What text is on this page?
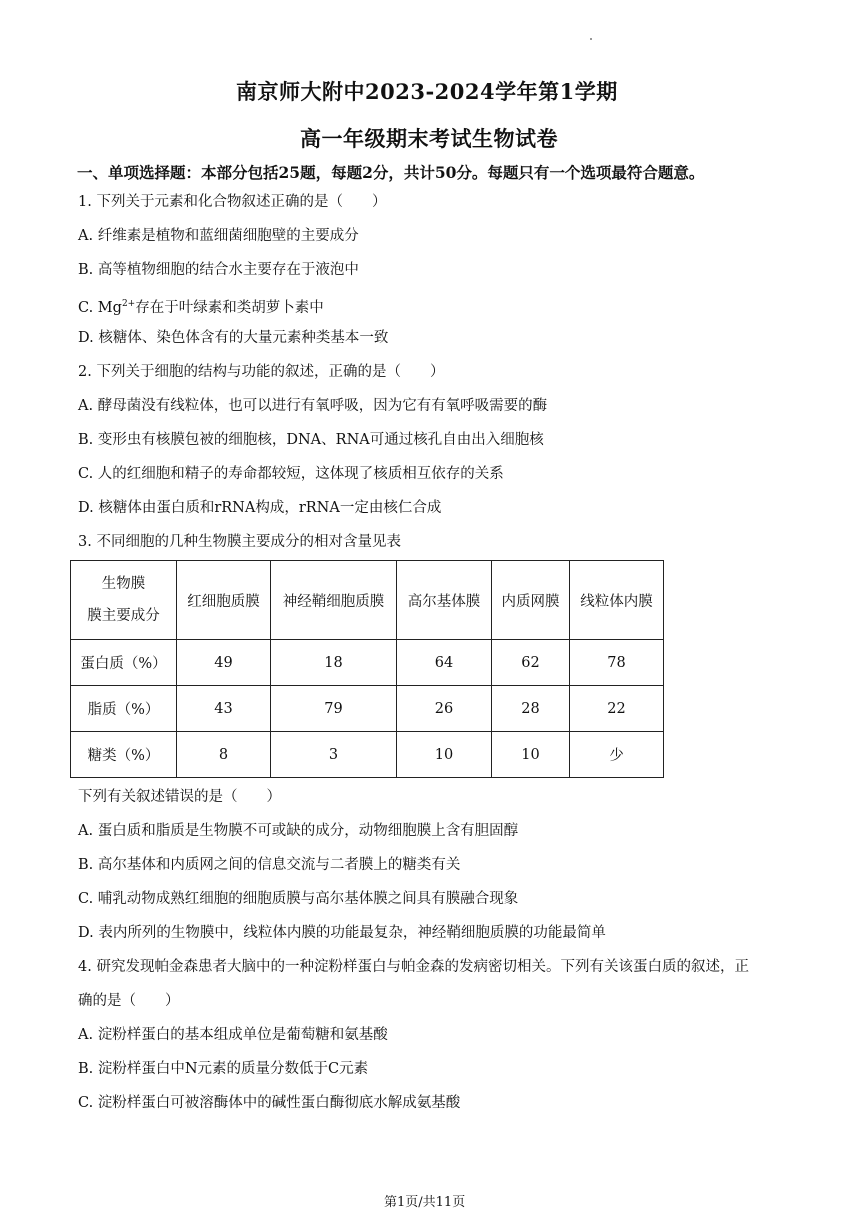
南京师大附中2023-2024学年第1学期
高一年级期末考试生物试卷
一、单项选择题：本部分包括25题，每题2分，共计50分。每题只有一个选项最符合题意。
1. 下列关于元素和化合物叙述正确的是（　　）
A. 纤维素是植物和蓝细菌细胞壁的主要成分
B. 高等植物细胞的结合水主要存在于液泡中
C. $Mg^{2+}$存在于叶绿素和类胡萝卜素中
D. 核糖体、染色体含有的大量元素种类基本一致
2. 下列关于细胞的结构与功能的叙述，正确的是（　　）
A. 酵母菌没有线粒体，也可以进行有氧呼吸，因为它有有氧呼吸需要的酶
B. 变形虫有核膜包被的细胞核，DNA、RNA可通过核孔自由出入细胞核
C. 人的红细胞和精子的寿命都较短，这体现了核质相互依存的关系
D. 核糖体由蛋白质和rRNA构成，rRNA一定由核仁合成
3. 不同细胞的几种生物膜主要成分的相对含量见表
生物膜
膜主要成分	红细胞质膜	神经鞘细胞质膜	高尔基体膜	内质网膜	线粒体内膜
蛋白质（%）	49	18	64	62	78
脂质（%）	43	79	26	28	22
糖类（%）	8	3	10	10	少
下列有关叙述错误的是（　　）
A. 蛋白质和脂质是生物膜不可或缺的成分，动物细胞膜上含有胆固醇
B. 高尔基体和内质网之间的信息交流与二者膜上的糖类有关
C. 哺乳动物成熟红细胞的细胞质膜与高尔基体膜之间具有膜融合现象
D. 表内所列的生物膜中，线粒体内膜的功能最复杂，神经鞘细胞质膜的功能最简单
4. 研究发现帕金森患者大脑中的一种淀粉样蛋白与帕金森的发病密切相关。下列有关该蛋白质的叙述，正
确的是（　　）
A. 淀粉样蛋白的基本组成单位是葡萄糖和氨基酸
B. 淀粉样蛋白中N元素的质量分数低于C元素
C. 淀粉样蛋白可被溶酶体中的碱性蛋白酶彻底水解成氨基酸
第1页/共11页
